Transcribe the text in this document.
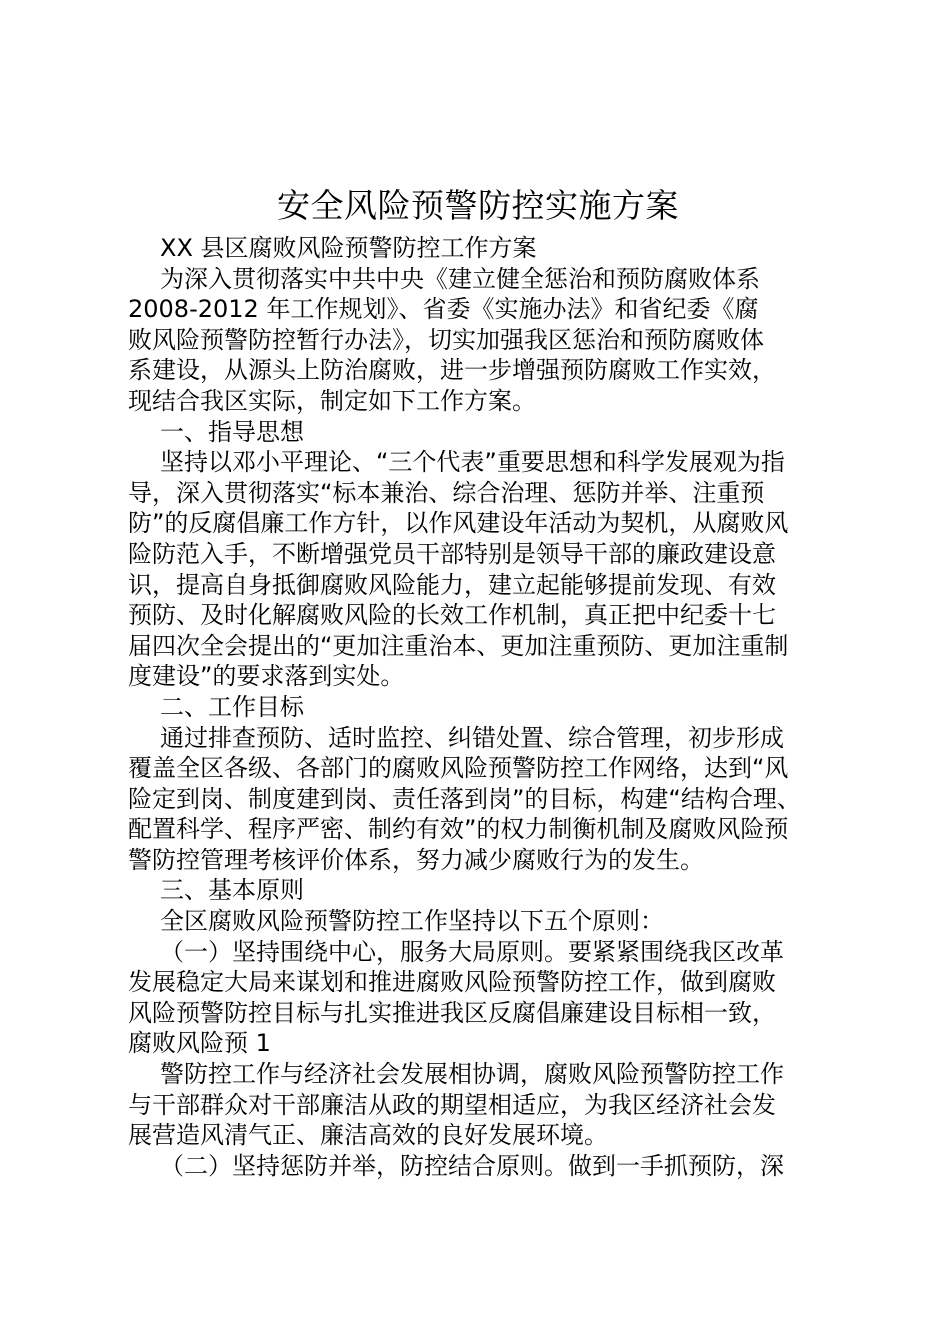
安全风险预警防控实施方案

XX 县区腐败风险预警防控工作方案

为深入贯彻落实中共中央《建立健全惩治和预防腐败体系
2008-2012 年工作规划》、省委《实施办法》和省纪委《腐
败风险预警防控暂行办法》，切实加强我区惩治和预防腐败体
系建设，从源头上防治腐败，进一步增强预防腐败工作实效，
现结合我区实际，制定如下工作方案。

一、指导思想

坚持以邓小平理论、“三个代表”重要思想和科学发展观为指
导，深入贯彻落实“标本兼治、综合治理、惩防并举、注重预
防”的反腐倡廉工作方针，以作风建设年活动为契机，从腐败风
险防范入手，不断增强党员干部特别是领导干部的廉政建设意
识，提高自身抵御腐败风险能力，建立起能够提前发现、有效
预防、及时化解腐败风险的长效工作机制，真正把中纪委十七
届四次全会提出的“更加注重治本、更加注重预防、更加注重制
度建设”的要求落到实处。

二、工作目标

通过排查预防、适时监控、纠错处置、综合管理，初步形成
覆盖全区各级、各部门的腐败风险预警防控工作网络，达到“风
险定到岗、制度建到岗、责任落到岗”的目标，构建“结构合理、
配置科学、程序严密、制约有效”的权力制衡机制及腐败风险预
警防控管理考核评价体系，努力减少腐败行为的发生。

三、基本原则

全区腐败风险预警防控工作坚持以下五个原则：

（一）坚持围绕中心，服务大局原则。要紧紧围绕我区改革
发展稳定大局来谋划和推进腐败风险预警防控工作，做到腐败
风险预警防控目标与扎实推进我区反腐倡廉建设目标相一致，
腐败风险预 1

警防控工作与经济社会发展相协调，腐败风险预警防控工作
与干部群众对干部廉洁从政的期望相适应，为我区经济社会发
展营造风清气正、廉洁高效的良好发展环境。

（二）坚持惩防并举，防控结合原则。做到一手抓预防，深
